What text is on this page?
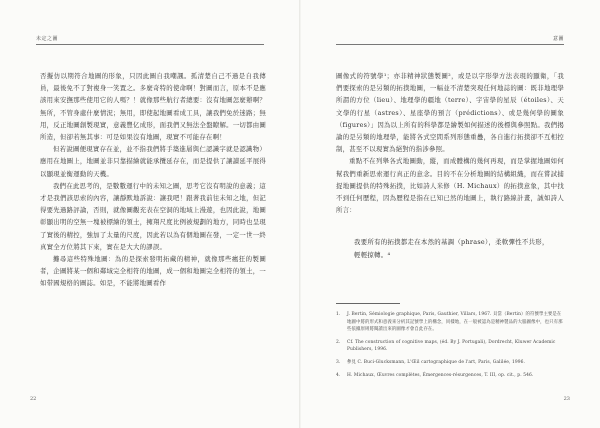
未定之圖

否擬仿以期符合地圖的形象，只因此圖自我嘲諷。孤清楚自己不過是自我傳員，最後免不了對複身一笑置之。多麼奇特的使命啊！對圖而言，原本不是應該用來安撫那些使用它的人嗎？！就像那些航行者總要：沒有地圖怎麼辦啊？無所，不管身處什麼情況；無用，即使起地圖看成工具，讓我們免於迷路；無用，反正地圖創製現實，意義豐亿成形，面我們又無法全盤瞭解。一切都由圖所造，但卻若無其事：可是如果沒有地圖，現實不可能存在啊！

但若說圖便現實存在並，並不指我們將手築進層與仁認識字就是認識物）應用在地圖上，地圖並非只靠描繪就能承攬延存在，而是提供了讓讀延平展得以顯現並衡運動的天機。

我們在此思考的，是數數運行中的未知之圖，思考它沒有明說的意義；這才是我們該思索的內容，讓靜默地訴說：讓我吧！跟著我前往未知之地，但記得要先過路評論，否則，就像圖觀充表在空洞的地域上漫遊，也因此說，地圖彰顯出明的空無一塊被標繪的領土，擁翔尺度比例被規劃的地方，同時也呈現了實後的精控，強加了太量的尺度，因此若以為有個地圖在發，一定一世一終真實全方位將其下來，實在是大大的謬誤。

攤尋這些特殊地圖：為的是探索發明拓藏的精神，就像那些瘋狂的製圖者，企圖將某一個和鄰域完全相符的地圖，成一個和地圖完全相符的領土，一如带國規格的圖誌。如是，不能將地圖看作

22
意圖

圖像式的符號學¹；亦非精神狀態製圖²，或是以字形學方法表現的顯衛，「我們要探索的是另類的拓撲地圖，一幅並不清楚突現任何地誌的圖：既非地理學所謂的方位（lieu）、地理學的疆地（terre）、宇宙學的星辰（étoiles）、天文學的行星（astres）、星座學的預言（prédictions）、或是幾何學的圖象（figures）」因為以上所有的科學都是繪製如何描述的後標與參照點。我們揭論的是另類的地理學，能將各式空間系列形態重疊，各自進行拓撲卻不互相控制，甚至不以現實為絕對的指涉參照。

重點不在列舉各式地圖動，縱，而成體構的幾何再現，而是掌握地圖如何幫我們重新思索運行真正的意念。目的不在分析地圖的結構組織，而在嘗試捕捉地圖提供的特殊拓撲，比如詩人米修（H. Michaux）的拓撲意象，其中找不到任何歷程，因為歷程是指在已知已然的地圖上，執行路線計畫，誠如詩人所言：

我要所有的拓撲都走在本然的基調（phrase），柔軟彈性不共形，輕輕掠轉。⁴
1.	J. Bertin, Sémiologie graphique, Paris, Gauthier, Villars, 1967. 貝當（Bertin）的符號學主要是在地圖中將的形式和意義來分析其記號學上的構念，同樣地，在一般被認為是精神製品的大腦圖像中，也只有那些依據原則將閱讀出來的圖像才會自此存在。
2.	Cf. The construction of cognitive maps, (éd. By J. Portugali), Dordrecht, Kluwer Academic Publishers, 1996.
3.	參見 C. Buci-Glucksmann, L'Œil cartographique de l'art, Paris, Galilée, 1996.
4.	H. Michaux, Œuvres complètes, Émergences-résurgences, T. III, op. cit., p. 546.
23
